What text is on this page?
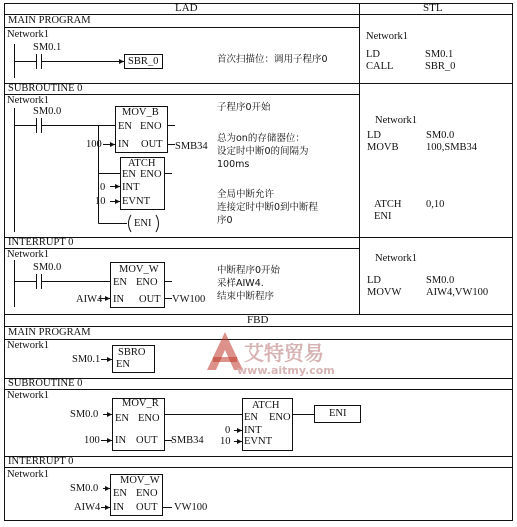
LAD	STL
MAIN PROGRAM
Network1
SM0.1
SBR_0	首次扫描位：调用子程序0
Network1
LD	SM0.1
CALL	SBR_0
SUBROUTINE 0
Network1
SM0.0	MOV_B
EN ENO
IN OUT
100	SMB34
ATCH
EN ENO
INT
EVNT
0
10
ENI
子程序0开始
总为on的存储器位：
设定时中断0的间隔为
100ms
全局中断允许
连接定时中断0到中断程
序0
Network1
LD	SM0.0
MOVB	100,SMB34
ATCH 0,10
ENI
INTERRUPT 0
Network1
SM0.0	MOV_W
EN ENO
IN OUT
AIW4	VW100
中断程序0开始
采样AIW4.
结束中断程序
Network1
LD	SM0.0
MOVW AIW4,VW100
FBD
MAIN PROGRAM
Network1
SM0.1
SBRO
EN
SUBROUTINE 0
Network1
SM0.0
MOV_R
EN ENO
IN OUT
100	SMB34
ATCH
EN ENO
INT
EVNT
0
10
ENI
INTERRUPT 0
Network1
SM0.0
MOV_W
EN ENO
IN OUT
AIW4	VW100
艾特贸易
www.aitmy.com
